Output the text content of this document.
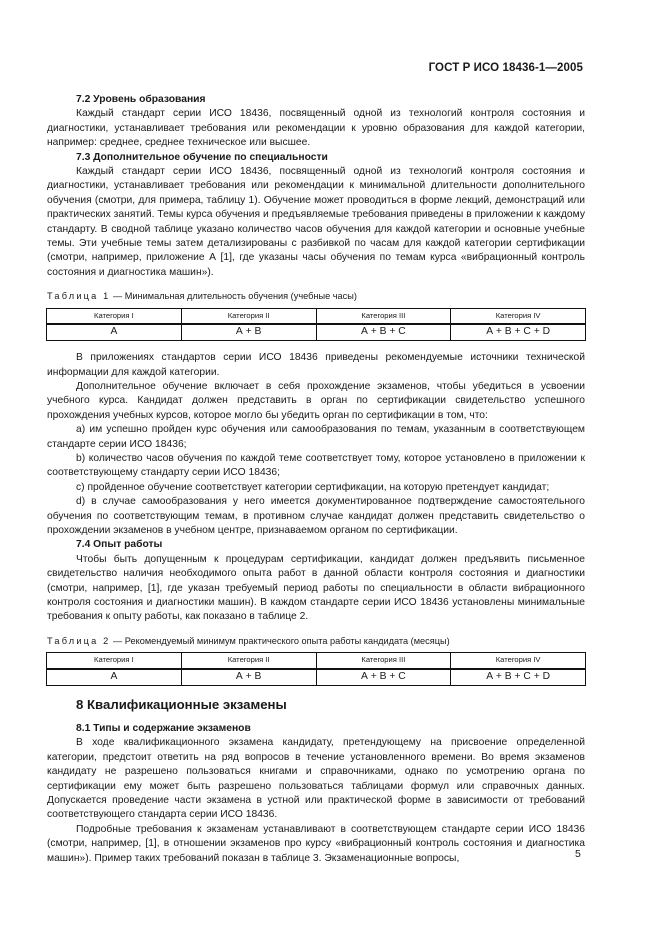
ГОСТ Р ИСО 18436-1—2005

7.2 Уровень образования

Каждый стандарт серии ИСО 18436, посвященный одной из технологий контроля состояния и диагностики, устанавливает требования или рекомендации к уровню образования для каждой категории, например: среднее, среднее техническое или высшее.

7.3 Дополнительное обучение по специальности

Каждый стандарт серии ИСО 18436, посвященный одной из технологий контроля состояния и диагностики, устанавливает требования или рекомендации к минимальной длительности дополнительного обучения (смотри, для примера, таблицу 1). Обучение может проводиться в форме лекций, демонстраций или практических занятий. Темы курса обучения и предъявляемые требования приведены в приложении к каждому стандарту. В сводной таблице указано количество часов обучения для каждой категории и основные учебные темы. Эти учебные темы затем детализированы с разбивкой по часам для каждой категории сертификации (смотри, например, приложение А [1], где указаны часы обучения по темам курса «вибрационный контроль состояния и диагностика машин»).

Таблица 1 — Минимальная длительность обучения (учебные часы)

Категория I	Категория II	Категория III	Категория IV
А	А + В	А + В + С	А + В + С + D

В приложениях стандартов серии ИСО 18436 приведены рекомендуемые источники технической информации для каждой категории.

Дополнительное обучение включает в себя прохождение экзаменов, чтобы убедиться в усвоении учебного курса. Кандидат должен представить в орган по сертификации свидетельство успешного прохождения учебных курсов, которое могло бы убедить орган по сертификации в том, что:

а) им успешно пройден курс обучения или самообразования по темам, указанным в соответствующем стандарте серии ИСО 18436;

b) количество часов обучения по каждой теме соответствует тому, которое установлено в приложении к соответствующему стандарту серии ИСО 18436;

с) пройденное обучение соответствует категории сертификации, на которую претендует кандидат;

d) в случае самообразования у него имеется документированное подтверждение самостоятельного обучения по соответствующим темам, в противном случае кандидат должен представить свидетельство о прохождении экзаменов в учебном центре, признаваемом органом по сертификации.

7.4 Опыт работы

Чтобы быть допущенным к процедурам сертификации, кандидат должен предъявить письменное свидетельство наличия необходимого опыта работ в данной области контроля состояния и диагностики (смотри, например, [1], где указан требуемый период работы по специальности в области вибрационного контроля состояния и диагностики машин). В каждом стандарте серии ИСО 18436 установлены минимальные требования к опыту работы, как показано в таблице 2.

Таблица 2 — Рекомендуемый минимум практического опыта работы кандидата (месяцы)

Категория I	Категория II	Категория III	Категория IV
А	А + В	А + В + С	А + В + С + D

8 Квалификационные экзамены

8.1 Типы и содержание экзаменов

В ходе квалификационного экзамена кандидату, претендующему на присвоение определенной категории, предстоит ответить на ряд вопросов в течение установленного времени. Во время экзаменов кандидату не разрешено пользоваться книгами и справочниками, однако по усмотрению органа по сертификации ему может быть разрешено пользоваться таблицами формул или справочных данных. Допускается проведение части экзамена в устной или практической форме в зависимости от требований соответствующего стандарта серии ИСО 18436.

Подробные требования к экзаменам устанавливают в соответствующем стандарте серии ИСО 18436 (смотри, например, [1], в отношении экзаменов про курсу «вибрационный контроль состояния и диагностика машин»). Пример таких требований показан в таблице 3. Экзаменационные вопросы,	5
